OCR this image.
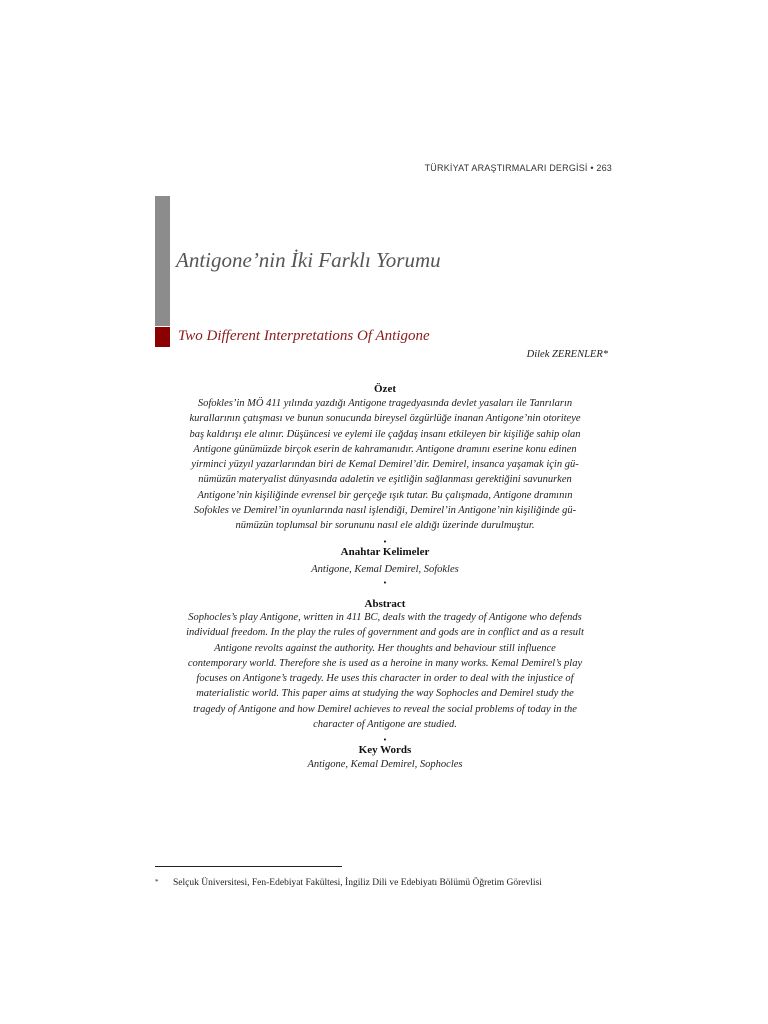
TÜRKİYAT ARAŞTIRMALARI DERGİSİ • 263
Antigone’nin İki Farklı Yorumu
Two Different Interpretations Of Antigone
Dilek ZERENLER*
Özet
Sofokles’in MÖ 411 yılında yazdığı Antigone tragedyasında devlet yasaları ile Tanrıların
kurallarının çatışması ve bunun sonucunda bireysel özgürlüğe inanan Antigone’nin otoriteye
baş kaldırışı ele alınır. Düşüncesi ve eylemi ile çağdaş insanı etkileyen bir kişiliğe sahip olan
Antigone günümüzde birçok eserin de kahramanıdır. Antigone dramını eserine konu edinen
yirminci yüzyıl yazarlarından biri de Kemal Demirel’dir. Demirel, insanca yaşamak için gü-
nümüzün materyalist dünyasında adaletin ve eşitliğin sağlanması gerektiğini savunurken
Antigone’nin kişiliğinde evrensel bir gerçeğe ışık tutar. Bu çalışmada, Antigone dramının
Sofokles ve Demirel’in oyunlarında nasıl işlendiği, Demirel’in Antigone’nin kişiliğinde gü-
nümüzün toplumsal bir sorununu nasıl ele aldığı üzerinde durulmuştur.
•
Anahtar Kelimeler
Antigone, Kemal Demirel, Sofokles
•
Abstract
Sophocles’s play Antigone, written in 411 BC, deals with the tragedy of Antigone who defends
individual freedom. In the play the rules of government and gods are in conflict and as a result
Antigone revolts against the authority. Her thoughts and behaviour still influence
contemporary world. Therefore she is used as a heroine in many works. Kemal Demirel’s play
focuses on Antigone’s tragedy. He uses this character in order to deal with the injustice of
materialistic world. This paper aims at studying the way Sophocles and Demirel study the
tragedy of Antigone and how Demirel achieves to reveal the social problems of today in the
character of Antigone are studied.
•
Key Words
Antigone, Kemal Demirel, Sophocles
* Selçuk Üniversitesi, Fen-Edebiyat Fakültesi, İngiliz Dili ve Edebiyatı Bölümü Öğretim Görevlisi
